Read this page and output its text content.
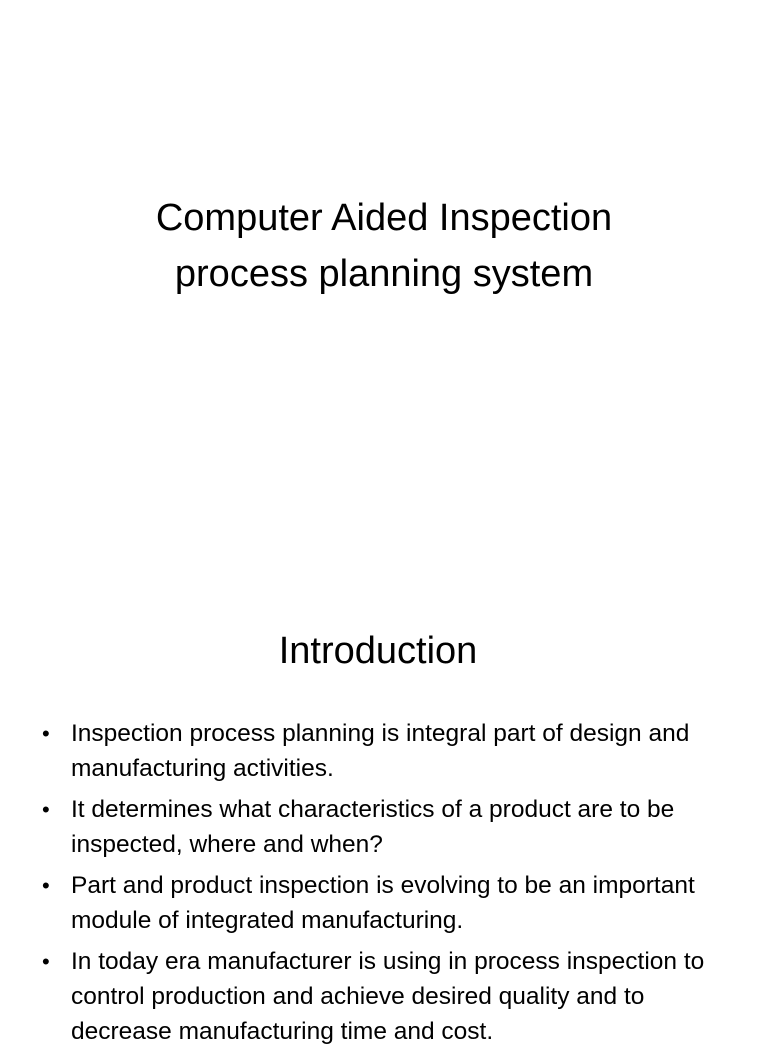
Computer Aided Inspection
process planning system
Introduction
• Inspection process planning is integral part of design and manufacturing activities.
• It determines what characteristics of a product are to be inspected, where and when?
• Part and product inspection is evolving to be an important module of integrated manufacturing.
• In today era manufacturer is using in process inspection to control production and achieve desired quality and to decrease manufacturing time and cost.
